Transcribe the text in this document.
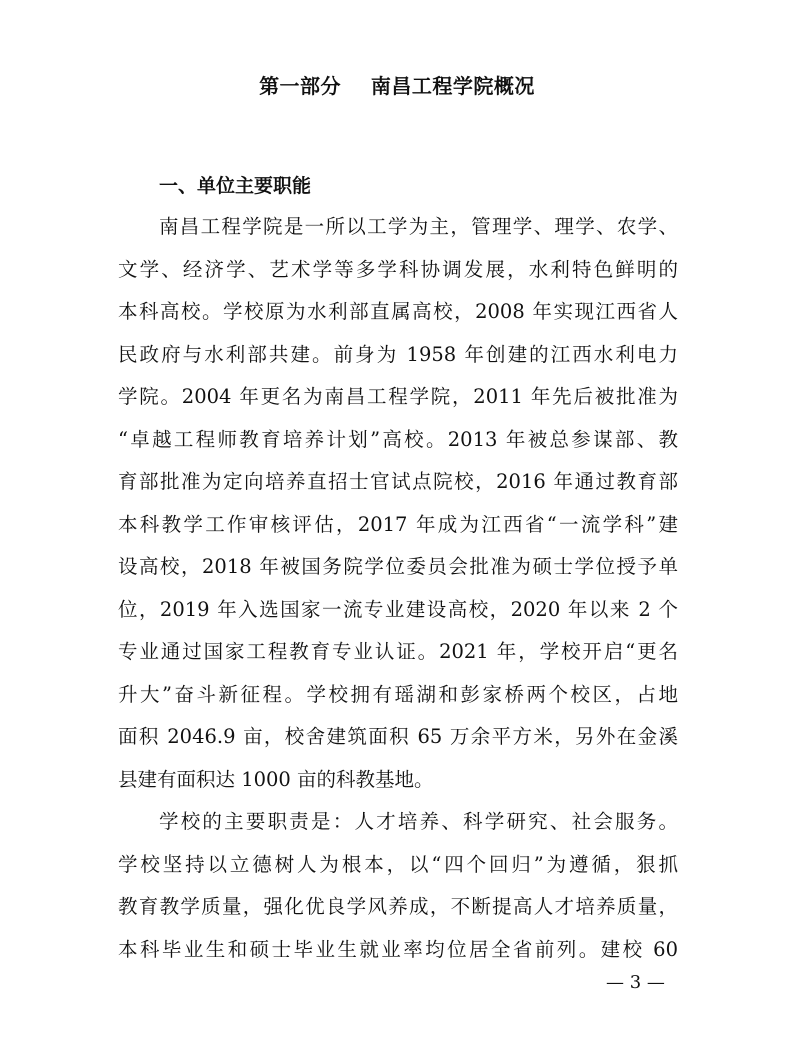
第一部分    南昌工程学院概况
一、单位主要职能
南昌工程学院是一所以工学为主，管理学、理学、农学、
文学、经济学、艺术学等多学科协调发展，水利特色鲜明的
本科高校。学校原为水利部直属高校，2008 年实现江西省人
民政府与水利部共建。前身为 1958 年创建的江西水利电力
学院。2004 年更名为南昌工程学院，2011 年先后被批准为
“卓越工程师教育培养计划”高校。2013 年被总参谋部、教
育部批准为定向培养直招士官试点院校，2016 年通过教育部
本科教学工作审核评估，2017 年成为江西省“一流学科”建
设高校，2018 年被国务院学位委员会批准为硕士学位授予单
位，2019 年入选国家一流专业建设高校，2020 年以来 2 个
专业通过国家工程教育专业认证。2021 年，学校开启“更名
升大”奋斗新征程。学校拥有瑶湖和彭家桥两个校区，占地
面积 2046.9 亩，校舍建筑面积 65 万余平方米，另外在金溪
县建有面积达 1000 亩的科教基地。
学校的主要职责是：人才培养、科学研究、社会服务。
学校坚持以立德树人为根本，以“四个回归”为遵循，狠抓
教育教学质量，强化优良学风养成，不断提高人才培养质量，
本科毕业生和硕士毕业生就业率均位居全省前列。建校 60
— 3 —
